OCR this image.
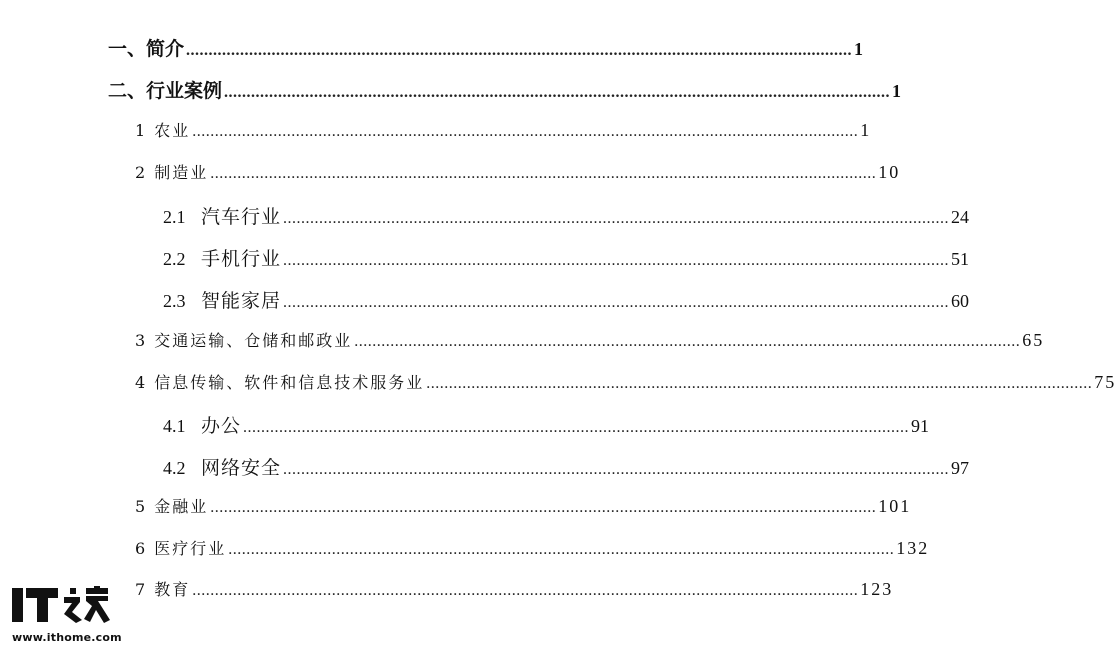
一、简介 .................................................................................................................................................... 1
二、行业案例 .................................................................................................................................................... 1
1 农业 .................................................................................................................................................... 1
2 制造业 .................................................................................................................................................... 10
2.1 汽车行业 .................................................................................................................................................... 24
2.2 手机行业 .................................................................................................................................................... 51
2.3 智能家居 .................................................................................................................................................... 60
3 交通运输、仓储和邮政业 .................................................................................................................................................... 65
4 信息传输、软件和信息技术服务业 .................................................................................................................................................... 75
4.1 办公 .................................................................................................................................................... 91
4.2 网络安全 .................................................................................................................................................... 97
5 金融业 .................................................................................................................................................... 101
6 医疗行业 .................................................................................................................................................... 132
7 教育 .................................................................................................................................................... 123
www.ithome.com
